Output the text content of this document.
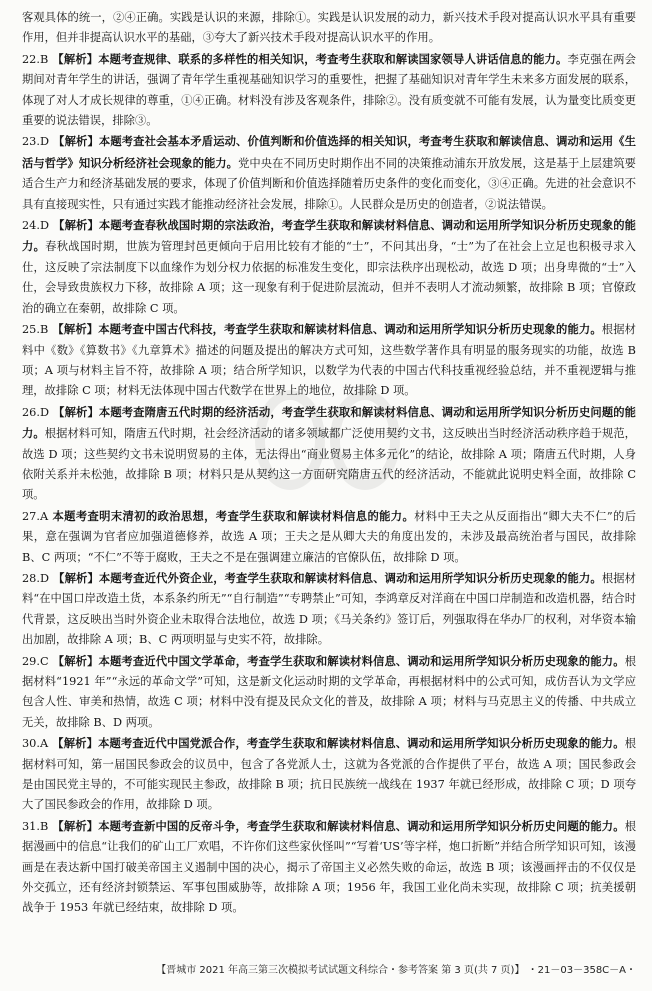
客观具体的统一，②④正确。实践是认识的来源，排除①。实践是认识发展的动力，新兴技术手段对提高认识水平具有重要作用，但并非提高认识水平的基础，③夸大了新兴技术手段对提高认识水平的作用。

22.B 【解析】本题考查规律、联系的多样性的相关知识，考查考生获取和解读国家领导人讲话信息的能力。李克强在两会期间对青年学生的讲话，强调了青年学生重视基础知识学习的重要性，把握了基础知识对青年学生未来多方面发展的联系，体现了对人才成长规律的尊重，①④正确。材料没有涉及客观条件，排除②。没有质变就不可能有发展，认为量变比质变更重要的说法错误，排除③。

23.D 【解析】本题考查社会基本矛盾运动、价值判断和价值选择的相关知识，考查考生获取和解读信息、调动和运用《生活与哲学》知识分析经济社会现象的能力。党中央在不同历史时期作出不同的决策推动浦东开放发展，这是基于上层建筑要适合生产力和经济基础发展的要求，体现了价值判断和价值选择随着历史条件的变化而变化，③④正确。先进的社会意识不具有直接现实性，只有通过实践才能推动经济社会发展，排除①。人民群众是历史的创造者，②说法错误。

24.D 【解析】本题考查春秋战国时期的宗法政治，考查学生获取和解读材料信息、调动和运用所学知识分析历史现象的能力。春秋战国时期，世族为管理封邑更倾向于启用比较有才能的“士”，不问其出身，“士”为了在社会上立足也积极寻求入仕，这反映了宗法制度下以血缘作为划分权力依据的标准发生变化，即宗法秩序出现松动，故选 D 项；出身卑微的“士”入仕，会导致贵族权力下移，故排除 A 项；这一现象有利于促进阶层流动，但并不表明人才流动频繁，故排除 B 项；官僚政治的确立在秦朝，故排除 C 项。

25.B 【解析】本题考查中国古代科技，考查学生获取和解读材料信息、调动和运用所学知识分析历史现象的能力。根据材料中《数》《算数书》《九章算术》描述的问题及提出的解决方式可知，这些数学著作具有明显的服务现实的功能，故选 B 项；A 项与材料主旨不符，故排除 A 项；结合所学知识，以数学为代表的中国古代科技重视经验总结，并不重视逻辑与推理，故排除 C 项；材料无法体现中国古代数学在世界上的地位，故排除 D 项。

26.D 【解析】本题考查隋唐五代时期的经济活动，考查学生获取和解读材料信息、调动和运用所学知识分析历史问题的能力。根据材料可知，隋唐五代时期，社会经济活动的诸多领域都广泛使用契约文书，这反映出当时经济活动秩序趋于规范，故选 D 项；这些契约文书未说明贸易的主体，无法得出“商业贸易主体多元化”的结论，故排除 A 项；隋唐五代时期，人身依附关系并未松弛，故排除 B 项；材料只是从契约这一方面研究隋唐五代的经济活动，不能就此说明史料全面，故排除 C 项。

27.A 本题考查明末清初的政治思想，考查学生获取和解读材料信息的能力。材料中王夫之从反面指出“卿大夫不仁”的后果，意在强调为官者应加强道德修养，故选 A 项；王夫之是从卿大夫的角度出发的，未涉及最高统治者与国民，故排除 B、C 两项；“不仁”不等于腐败，王夫之不是在强调建立廉洁的官僚队伍，故排除 D 项。

28.D 【解析】本题考查近代外资企业，考查学生获取和解读材料信息、调动和运用所学知识分析历史现象的能力。根据材料“在中国口岸改造土货，本系条约所无”“自行制造”“专聘禁止”可知，李鸿章反对洋商在中国口岸制造和改造机器，结合时代背景，这反映出当时外资企业未取得合法地位，故选 D 项；《马关条约》签订后，列强取得在华办厂的权利，对华资本输出加剧，故排除 A 项；B、C 两项明显与史实不符，故排除。

29.C 【解析】本题考查近代中国文学革命，考查学生获取和解读材料信息、调动和运用所学知识分析历史现象的能力。根据材料“1921 年”“永远的革命文学”可知，这是新文化运动时期的文学革命，再根据材料中的公式可知，成仿吾认为文学应包含人性、审美和热情，故选 C 项；材料中没有提及民众文化的普及，故排除 A 项；材料与马克思主义的传播、中共成立无关，故排除 B、D 两项。

30.A 【解析】本题考查近代中国党派合作，考查学生获取和解读材料信息、调动和运用所学知识分析历史现象的能力。根据材料可知，第一届国民参政会的议员中，包含了各党派人士，这就为各党派的合作提供了平台，故选 A 项；国民参政会是由国民党主导的，不可能实现民主参政，故排除 B 项；抗日民族统一战线在 1937 年就已经形成，故排除 C 项；D 项夸大了国民参政会的作用，故排除 D 项。

31.B 【解析】本题考查新中国的反帝斗争，考查学生获取和解读材料信息、调动和运用所学知识分析历史问题的能力。根据漫画中的信息“让我们的矿山工厂欢唱，不许你们这些家伙怪叫”“写着‘US’等字样，炮口折断”并结合所学知识可知，该漫画是在表达新中国打破美帝国主义遏制中国的决心，揭示了帝国主义必然失败的命运，故选 B 项；该漫画抨击的不仅仅是外交孤立，还有经济封锁禁运、军事包围威胁等，故排除 A 项；1956 年，我国工业化尚未实现，故排除 C 项；抗美援朝战争于 1953 年就已经结束，故排除 D 项。

【晋城市 2021 年高三第三次模拟考试试题文科综合・参考答案 第 3 页(共 7 页)】 ・21－03－358C－A・
